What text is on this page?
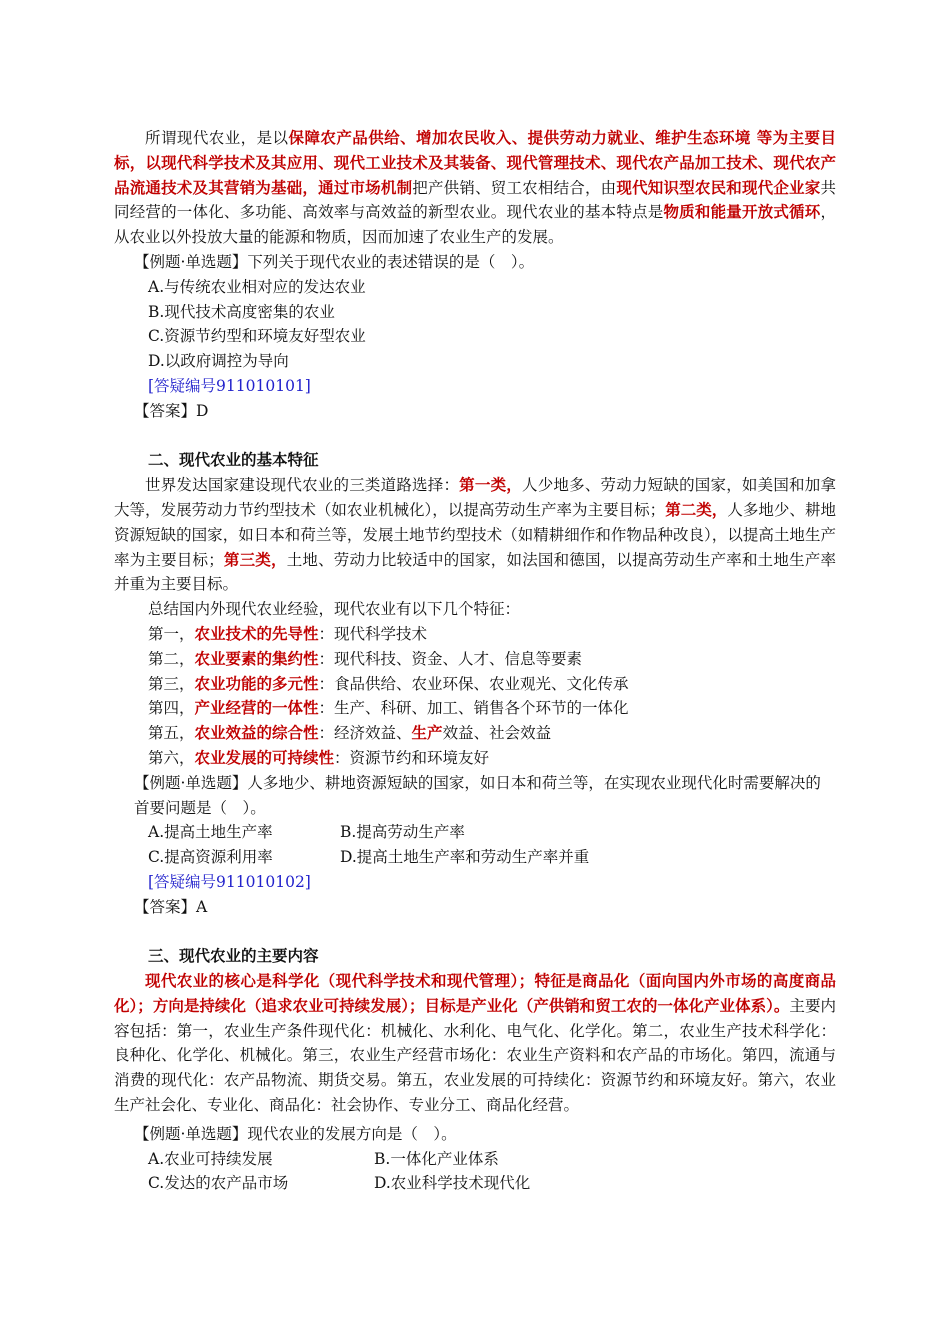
所谓现代农业，是以保障农产品供给、增加农民收入、提供劳动力就业、维护生态环境 等为主要目标，以现代科学技术及其应用、现代工业技术及其装备、现代管理技术、现代农产品加工技术、现代农产品流通技术及其营销为基础，通过市场机制把产供销、贸工农相结合，由现代知识型农民和现代企业家共同经营的一体化、多功能、高效率与高效益的新型农业。现代农业的基本特点是物质和能量开放式循环，从农业以外投放大量的能源和物质，因而加速了农业生产的发展。

【例题·单选题】下列关于现代农业的表述错误的是（　）。

A.与传统农业相对应的发达农业

B.现代技术高度密集的农业

C.资源节约型和环境友好型农业

D.以政府调控为导向

[答疑编号911010101]

【答案】D

二、现代农业的基本特征

世界发达国家建设现代农业的三类道路选择：第一类，人少地多、劳动力短缺的国家，如美国和加拿大等，发展劳动力节约型技术（如农业机械化），以提高劳动生产率为主要目标；第二类，人多地少、耕地资源短缺的国家，如日本和荷兰等，发展土地节约型技术（如精耕细作和作物品种改良），以提高土地生产率为主要目标；第三类，土地、劳动力比较适中的国家，如法国和德国，以提高劳动生产率和土地生产率并重为主要目标。

总结国内外现代农业经验，现代农业有以下几个特征：

第一，农业技术的先导性：现代科学技术

第二，农业要素的集约性：现代科技、资金、人才、信息等要素

第三，农业功能的多元性：食品供给、农业环保、农业观光、文化传承

第四，产业经营的一体性：生产、科研、加工、销售各个环节的一体化

第五，农业效益的综合性：经济效益、生产效益、社会效益

第六，农业发展的可持续性：资源节约和环境友好

【例题·单选题】人多地少、耕地资源短缺的国家，如日本和荷兰等，在实现农业现代化时需要解决的首要问题是（　）。

A.提高土地生产率	B.提高劳动生产率
C.提高资源利用率	D.提高土地生产率和劳动生产率并重

[答疑编号911010102]

【答案】A

三、现代农业的主要内容

现代农业的核心是科学化（现代科学技术和现代管理）；特征是商品化（面向国内外市场的高度商品化）；方向是持续化（追求农业可持续发展）；目标是产业化（产供销和贸工农的一体化产业体系）。主要内容包括：第一，农业生产条件现代化：机械化、水利化、电气化、化学化。第二，农业生产技术科学化：良种化、化学化、机械化。第三，农业生产经营市场化：农业生产资料和农产品的市场化。第四，流通与消费的现代化：农产品物流、期货交易。第五，农业发展的可持续化：资源节约和环境友好。第六，农业生产社会化、专业化、商品化：社会协作、专业分工、商品化经营。

【例题·单选题】现代农业的发展方向是（　）。

A.农业可持续发展	B.一体化产业体系
C.发达的农产品市场	D.农业科学技术现代化
